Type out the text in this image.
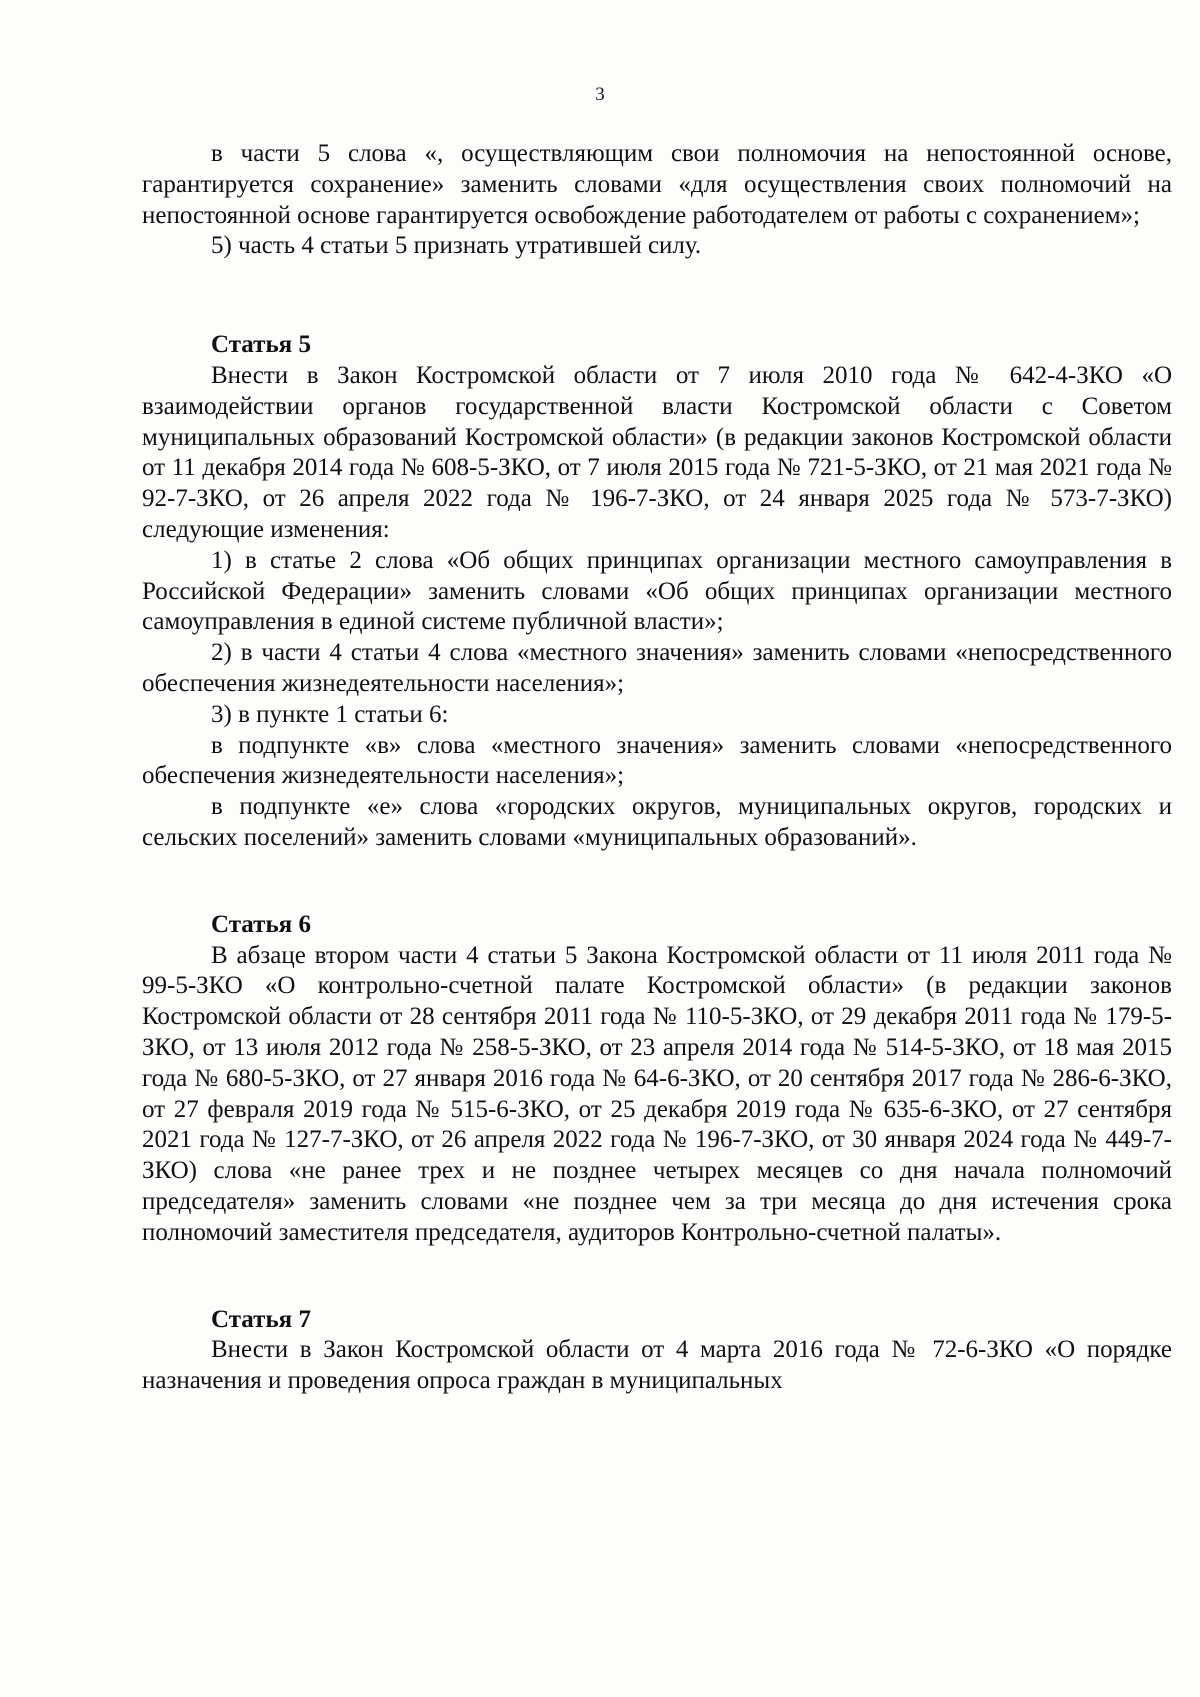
3

в части 5 слова «, осуществляющим свои полномочия на непостоянной основе, гарантируется сохранение» заменить словами «для осуществления своих полномочий на непостоянной основе гарантируется освобождение работодателем от работы с сохранением»;

5) часть 4 статьи 5 признать утратившей силу.

Статья 5

Внести в Закон Костромской области от 7 июля 2010 года № 642-4-ЗКО «О взаимодействии органов государственной власти Костромской области с Советом муниципальных образований Костромской области» (в редакции законов Костромской области от 11 декабря 2014 года № 608-5-ЗКО, от 7 июля 2015 года № 721-5-ЗКО, от 21 мая 2021 года № 92-7-ЗКО, от 26 апреля 2022 года № 196-7-ЗКО, от 24 января 2025 года № 573-7-ЗКО) следующие изменения:

1) в статье 2 слова «Об общих принципах организации местного самоуправления в Российской Федерации» заменить словами «Об общих принципах организации местного самоуправления в единой системе публичной власти»;

2) в части 4 статьи 4 слова «местного значения» заменить словами «непосредственного обеспечения жизнедеятельности населения»;

3) в пункте 1 статьи 6:

в подпункте «в» слова «местного значения» заменить словами «непосредственного обеспечения жизнедеятельности населения»;

в подпункте «е» слова «городских округов, муниципальных округов, городских и сельских поселений» заменить словами «муниципальных образований».

Статья 6

В абзаце втором части 4 статьи 5 Закона Костромской области от 11 июля 2011 года № 99-5-ЗКО «О контрольно-счетной палате Костромской области» (в редакции законов Костромской области от 28 сентября 2011 года № 110-5-ЗКО, от 29 декабря 2011 года № 179-5-ЗКО, от 13 июля 2012 года № 258-5-ЗКО, от 23 апреля 2014 года № 514-5-ЗКО, от 18 мая 2015 года № 680-5-ЗКО, от 27 января 2016 года № 64-6-ЗКО, от 20 сентября 2017 года № 286-6-ЗКО, от 27 февраля 2019 года № 515-6-ЗКО, от 25 декабря 2019 года № 635-6-ЗКО, от 27 сентября 2021 года № 127-7-ЗКО, от 26 апреля 2022 года № 196-7-ЗКО, от 30 января 2024 года № 449-7-ЗКО) слова «не ранее трех и не позднее четырех месяцев со дня начала полномочий председателя» заменить словами «не позднее чем за три месяца до дня истечения срока полномочий заместителя председателя, аудиторов Контрольно-счетной палаты».

Статья 7

Внести в Закон Костромской области от 4 марта 2016 года № 72-6-ЗКО «О порядке назначения и проведения опроса граждан в муниципальных
